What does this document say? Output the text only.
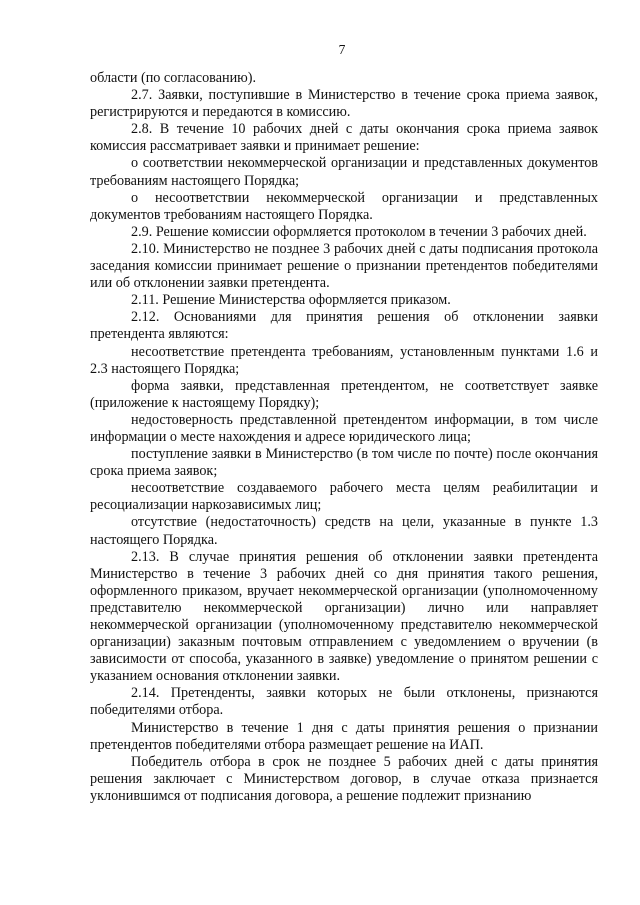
7

области (по согласованию).

2.7. Заявки, поступившие в Министерство в течение срока приема заявок, регистрируются и передаются в комиссию.

2.8. В течение 10 рабочих дней с даты окончания срока приема заявок комиссия рассматривает заявки и принимает решение:

о соответствии некоммерческой организации и представленных документов требованиям настоящего Порядка;

о несоответствии некоммерческой организации и представленных документов требованиям настоящего Порядка.

2.9. Решение комиссии оформляется протоколом в течении 3 рабочих дней.

2.10. Министерство не позднее 3 рабочих дней с даты подписания протокола заседания комиссии принимает решение о признании претендентов победителями или об отклонении заявки претендента.

2.11. Решение Министерства оформляется приказом.

2.12. Основаниями для принятия решения об отклонении заявки претендента являются:

несоответствие претендента требованиям, установленным пунктами 1.6 и 2.3 настоящего Порядка;

форма заявки, представленная претендентом, не соответствует заявке (приложение к настоящему Порядку);

недостоверность представленной претендентом информации, в том числе информации о месте нахождения и адресе юридического лица;

поступление заявки в Министерство (в том числе по почте) после окончания срока приема заявок;

несоответствие создаваемого рабочего места целям реабилитации и ресоциализации наркозависимых лиц;

отсутствие (недостаточность) средств на цели, указанные в пункте 1.3 настоящего Порядка.

2.13. В случае принятия решения об отклонении заявки претендента Министерство в течение 3 рабочих дней со дня принятия такого решения, оформленного приказом, вручает некоммерческой организации (уполномоченному представителю некоммерческой организации) лично или направляет некоммерческой организации (уполномоченному представителю некоммерческой организации) заказным почтовым отправлением с уведомлением о вручении (в зависимости от способа, указанного в заявке) уведомление о принятом решении с указанием основания отклонении заявки.

2.14. Претенденты, заявки которых не были отклонены, признаются победителями отбора.

Министерство в течение 1 дня с даты принятия решения о признании претендентов победителями отбора размещает решение на ИАП.

Победитель отбора в срок не позднее 5 рабочих дней с даты принятия решения заключает с Министерством договор, в случае отказа признается уклонившимся от подписания договора, а решение подлежит признанию
